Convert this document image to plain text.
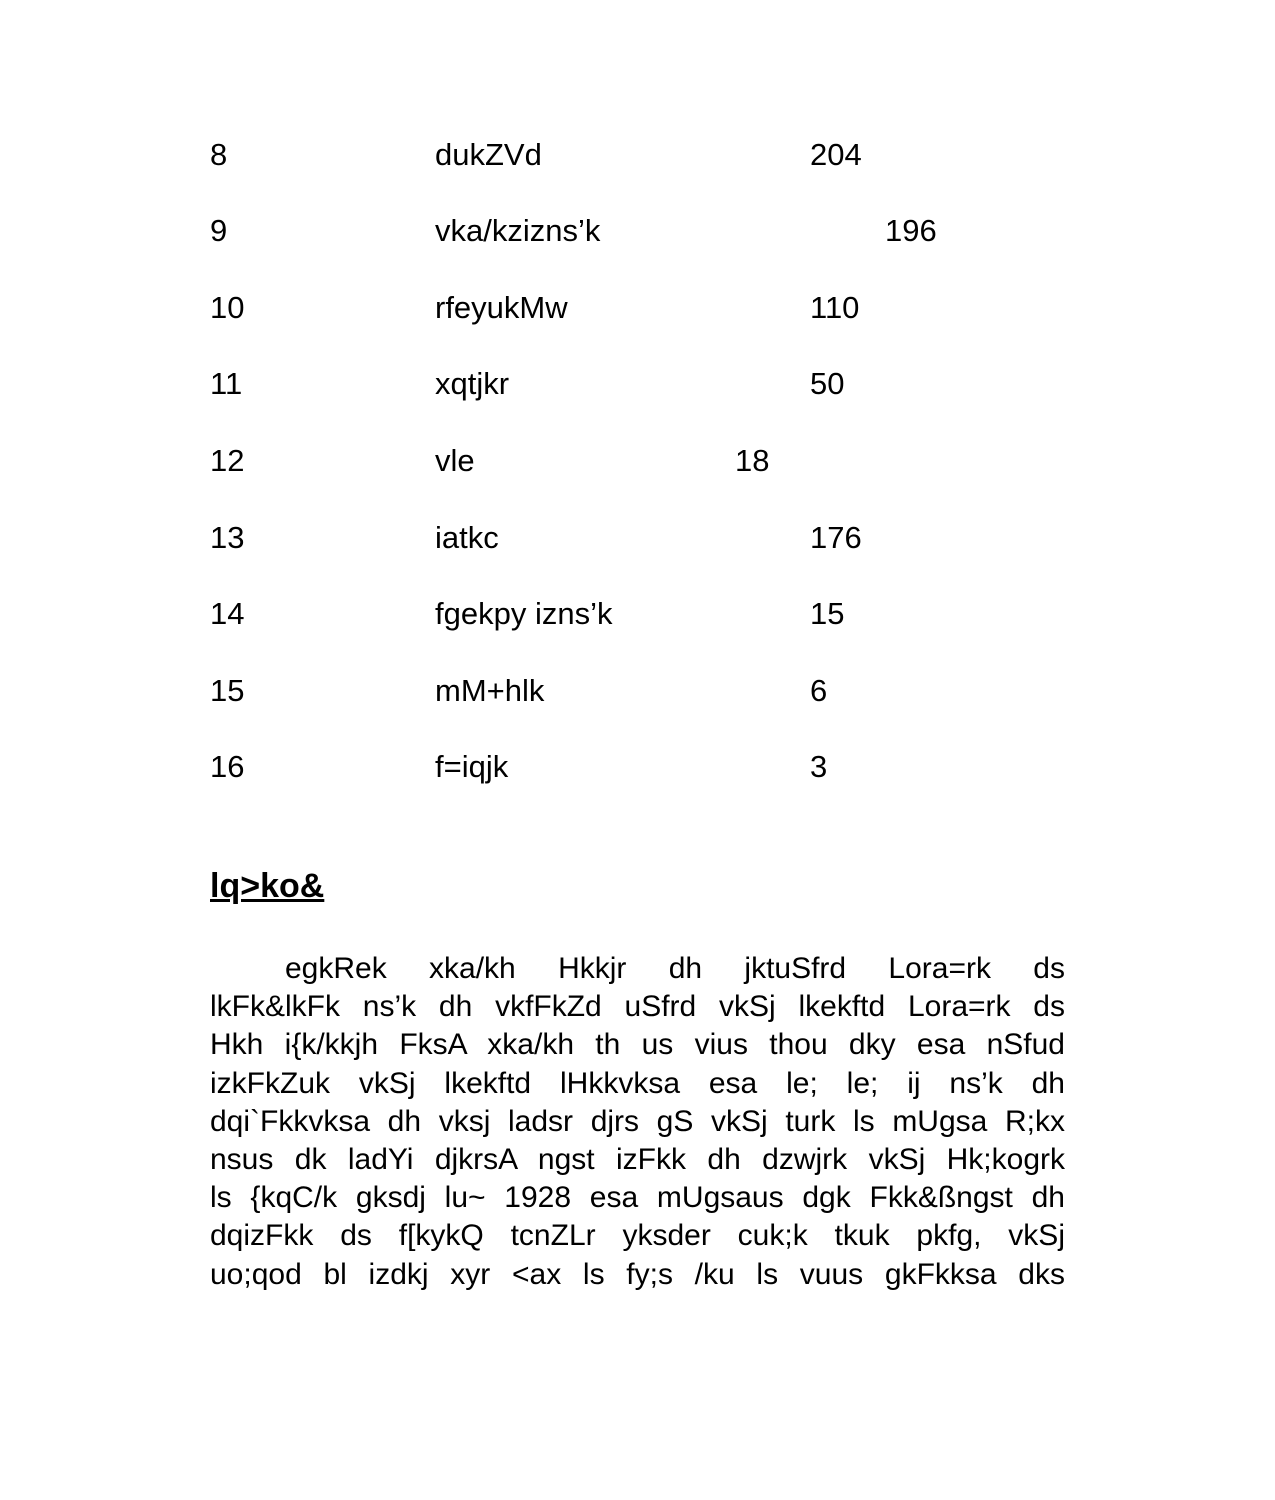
8	dukZVd	204
9	vka/kzizns’k	196
10	rfeyukMw	110
11	xqtjkr	50
12	vle	18
13	iatkc	176
14	fgekpy izns’k	15
15	mM+hlk	6
16	f=iqjk	3
lq>ko&
egkRek xka/kh Hkkjr dh jktuSfrd Lora=rk ds
lkFk&lkFk ns’k dh vkfFkZd uSfrd vkSj lkekftd Lora=rk ds
Hkh i{k/kkjh FksA xka/kh th us vius thou dky esa nSfud
izkFkZuk vkSj lkekftd lHkkvksa esa le; le; ij ns’k dh
dqi`Fkkvksa dh vksj ladsr djrs gS vkSj turk ls mUgsa R;kx
nsus dk ladYi djkrsA ngst izFkk dh dzwjrk vkSj Hk;kogrk
ls {kqC/k gksdj lu~ 1928 esa mUgsaus dgk Fkk&ßngst dh
dqizFkk ds f[kykQ tcnZLr yksder cuk;k tkuk pkfg, vkSj
uo;qod bl izdkj xyr <ax ls fy;s /ku ls vuus gkFkksa dks
